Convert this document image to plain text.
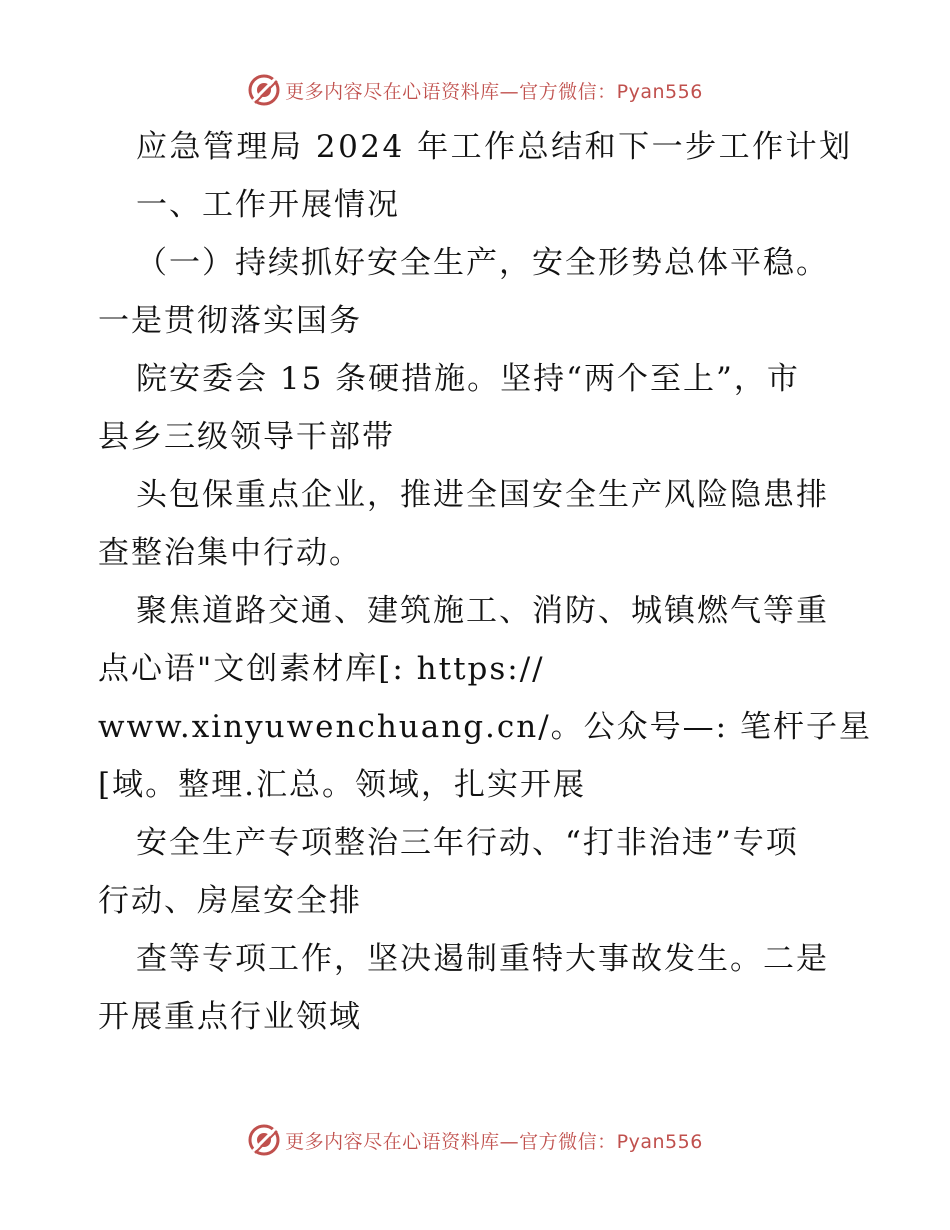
更多内容尽在心语资料库—官方微信：Pyan556
应急管理局 2024 年工作总结和下一步工作计划
一、工作开展情况
（一）持续抓好安全生产，安全形势总体平稳。
一是贯彻落实国务
院安委会 15 条硬措施。坚持“两个至上”，市
县乡三级领导干部带
头包保重点企业，推进全国安全生产风险隐患排
查整治集中行动。
聚焦道路交通、建筑施工、消防、城镇燃气等重
点心语"文创素材库[: https://
www.xinyuwenchuang.cn/。公众号—: 笔杆子星
[域。整理.汇总。领域，扎实开展
安全生产专项整治三年行动、“打非治违”专项
行动、房屋安全排
查等专项工作，坚决遏制重特大事故发生。二是
开展重点行业领域
更多内容尽在心语资料库—官方微信：Pyan556
